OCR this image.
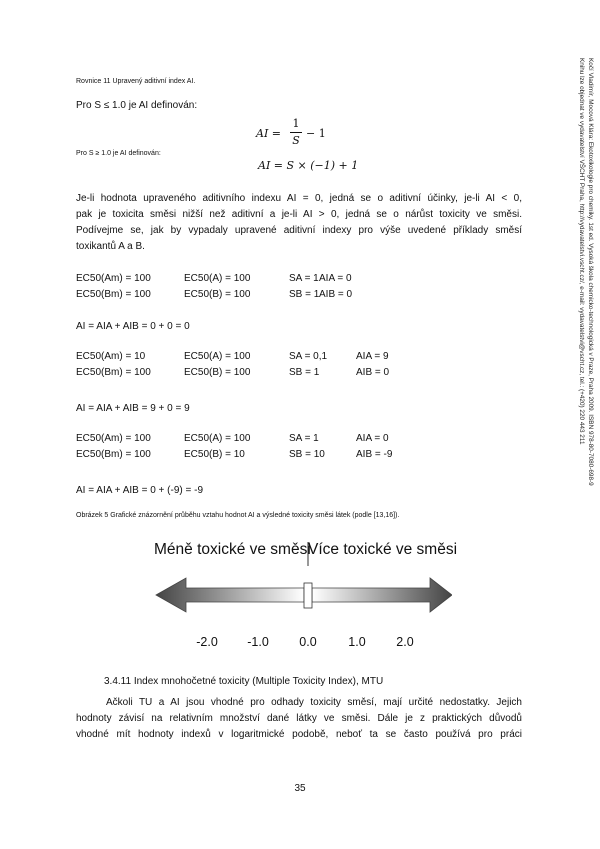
Rovnice 11 Upravený aditivní index AI.
Pro S ≤ 1.0 je AI definován:
AI =
1
S
− 1
Pro S ≥ 1.0 je AI definován:
AI = S × (−1) + 1
Je-li hodnota upraveného aditivního indexu AI = 0, jedná se o aditivní účinky, je-li AI < 0,
pak je toxicita směsi nižší než aditivní a je-li AI > 0, jedná se o nárůst toxicity ve směsi.
Podívejme se, jak by vypadaly upravené aditivní indexy pro výše uvedené příklady směsí
toxikantů A a B.
EC50(Am) = 100	EC50(A) = 100	SA = 1 AIA = 0
EC50(Bm) = 100	EC50(B) = 100	SB = 1 AIB = 0
AI = AIA + AIB = 0 + 0 = 0
EC50(Am) = 10	EC50(A) = 100	SA = 0,1	AIA = 9
EC50(Bm) = 100	EC50(B) = 100	SB = 1	AIB = 0
AI = AIA + AIB = 9 + 0 = 9
EC50(Am) = 100	EC50(A) = 100	SA = 1	AIA = 0
EC50(Bm) = 100	EC50(B) = 10	SB = 10	AIB = -9
AI = AIA + AIB = 0 + (-9) = -9
Obrázek 5 Grafické znázornění průběhu vztahu hodnot AI a výsledné toxicity směsi látek (podle [13,16]).
Méně toxické ve směsi
Více toxické ve směsi
-2.0 -1.0 0.0	1.0 2.0
3.4.11 Index mnohočetné toxicity (Multiple Toxicity Index), MTU
Ačkoli TU a AI jsou vhodné pro odhady toxicity směsí, mají určité nedostatky. Jejich
hodnoty závisí na relativním množství dané látky ve směsi. Dále je z praktických důvodů
vhodné mít hodnoty indexů v logaritmické podobě, neboť ta se často používá pro práci
35
Kočí Vladimír, Mocová Klára: Ekotoxikologie pro chemiky. 1st ed. Vysoká škola chemicko-technologická v Praze, Praha 2009. ISBN 978-80-7080-698-9
Knihu lze objednat ve vydavatelství VŠCHT Praha, http://vydavatelstvi.vscht.cz/, e-mail: vydavatelstvi@vscht.cz, tel.: (+420) 220 443 211
